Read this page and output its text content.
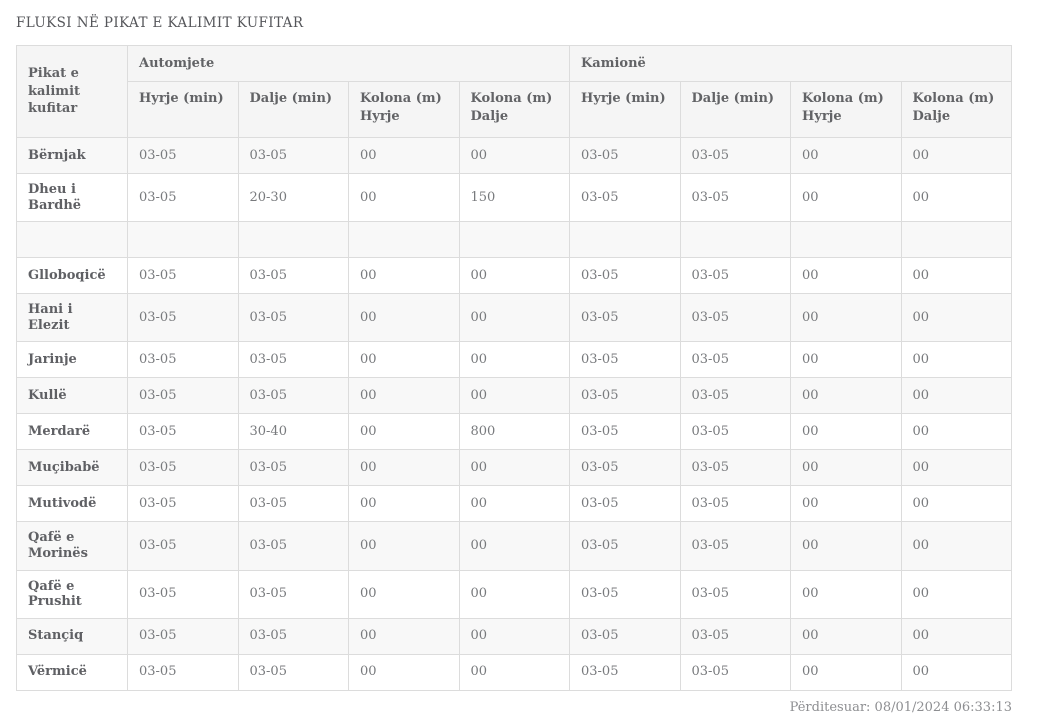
FLUKSI NË PIKAT E KALIMIT KUFITAR
Pikat e kalimit kufitar	Automjete				Kamionë			
	Hyrje (min)	Dalje (min)	Kolona (m) Hyrje	Kolona (m) Dalje	Hyrje (min)	Dalje (min)	Kolona (m) Hyrje	Kolona (m) Dalje
Bërnjak	03-05	03-05	00	00	03-05	03-05	00	00
Dheu i Bardhë	03-05	20-30	00	150	03-05	03-05	00	00

Glloboqicë	03-05	03-05	00	00	03-05	03-05	00	00
Hani i Elezit	03-05	03-05	00	00	03-05	03-05	00	00
Jarinje	03-05	03-05	00	00	03-05	03-05	00	00
Kullë	03-05	03-05	00	00	03-05	03-05	00	00
Merdarë	03-05	30-40	00	800	03-05	03-05	00	00
Muçibabë	03-05	03-05	00	00	03-05	03-05	00	00
Mutivodë	03-05	03-05	00	00	03-05	03-05	00	00
Qafë e Morinës	03-05	03-05	00	00	03-05	03-05	00	00
Qafë e Prushit	03-05	03-05	00	00	03-05	03-05	00	00
Stançiq	03-05	03-05	00	00	03-05	03-05	00	00
Vërmicë	03-05	03-05	00	00	03-05	03-05	00	00
Përditesuar: 08/01/2024 06:33:13
